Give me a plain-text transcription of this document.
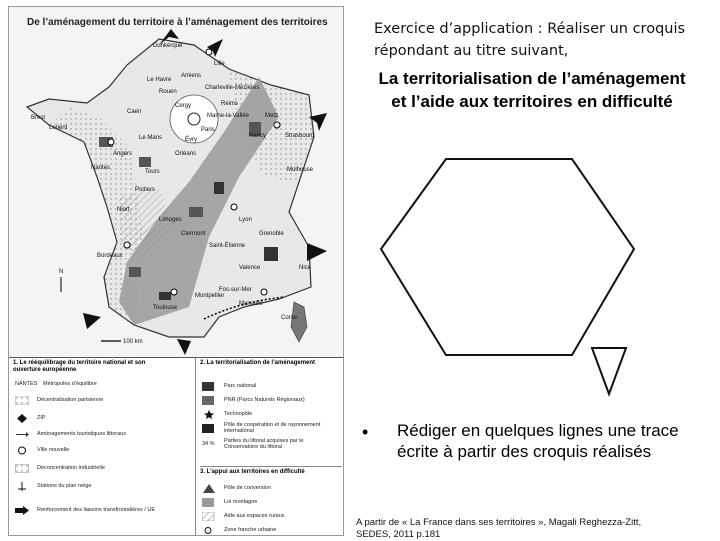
Dunkerque
Lille
Le Havre
Rouen
Amiens
Charleville-Mézières
Reims
Metz
Nancy	Strasbourg
Brest
Lorient
Caen
Paris
Cergy
Évry
Marne-la-Vallée
Orléans
Le Mans
Nantes
Angers
Tours
Niort
Poitiers
Limoges
Clermont
Mulhouse
Lyon
Bordeaux
Saint-Étienne
Grenoble
Nice
Montpellier
Marseille
Toulouse
Fos-sur-Mer
Valence
Corse
N
100 km
De l’aménagement du territoire à l’aménagement des territoires
1. Le rééquilibrage du territoire national et son ouverture européenne
NANTES	Métropoles d’équilibre
Décentralisation parisienne
ZIP
Aménagements touristiques littoraux
Ville nouvelle
Déconcentration industrielle
Stations du plan neige
Renforcement des liaisons transfrontalières / UE
2. La territorialisation de l’aménagement
Parc national
PNR (Parcs Naturels Régionaux)
Technopôle
Pôle de coopération et de rayonnement international
34 %	Parties du littoral acquises par le Conservatoire du littoral
3. L’appui aux territoires en difficulté
Pôle de conversion
Loi montagne
Aide aux espaces ruraux
Zone franche urbaine
Exercice d’application : Réaliser un croquis
répondant au titre suivant,
La territorialisation de l’aménagement
et l’aide aux territoires en difficulté
• Rédiger en quelques lignes une trace écrite à partir des croquis réalisés
A partir de « La France dans ses territoires », Magali Reghezza-Zitt,
SEDES, 2011 p.181
